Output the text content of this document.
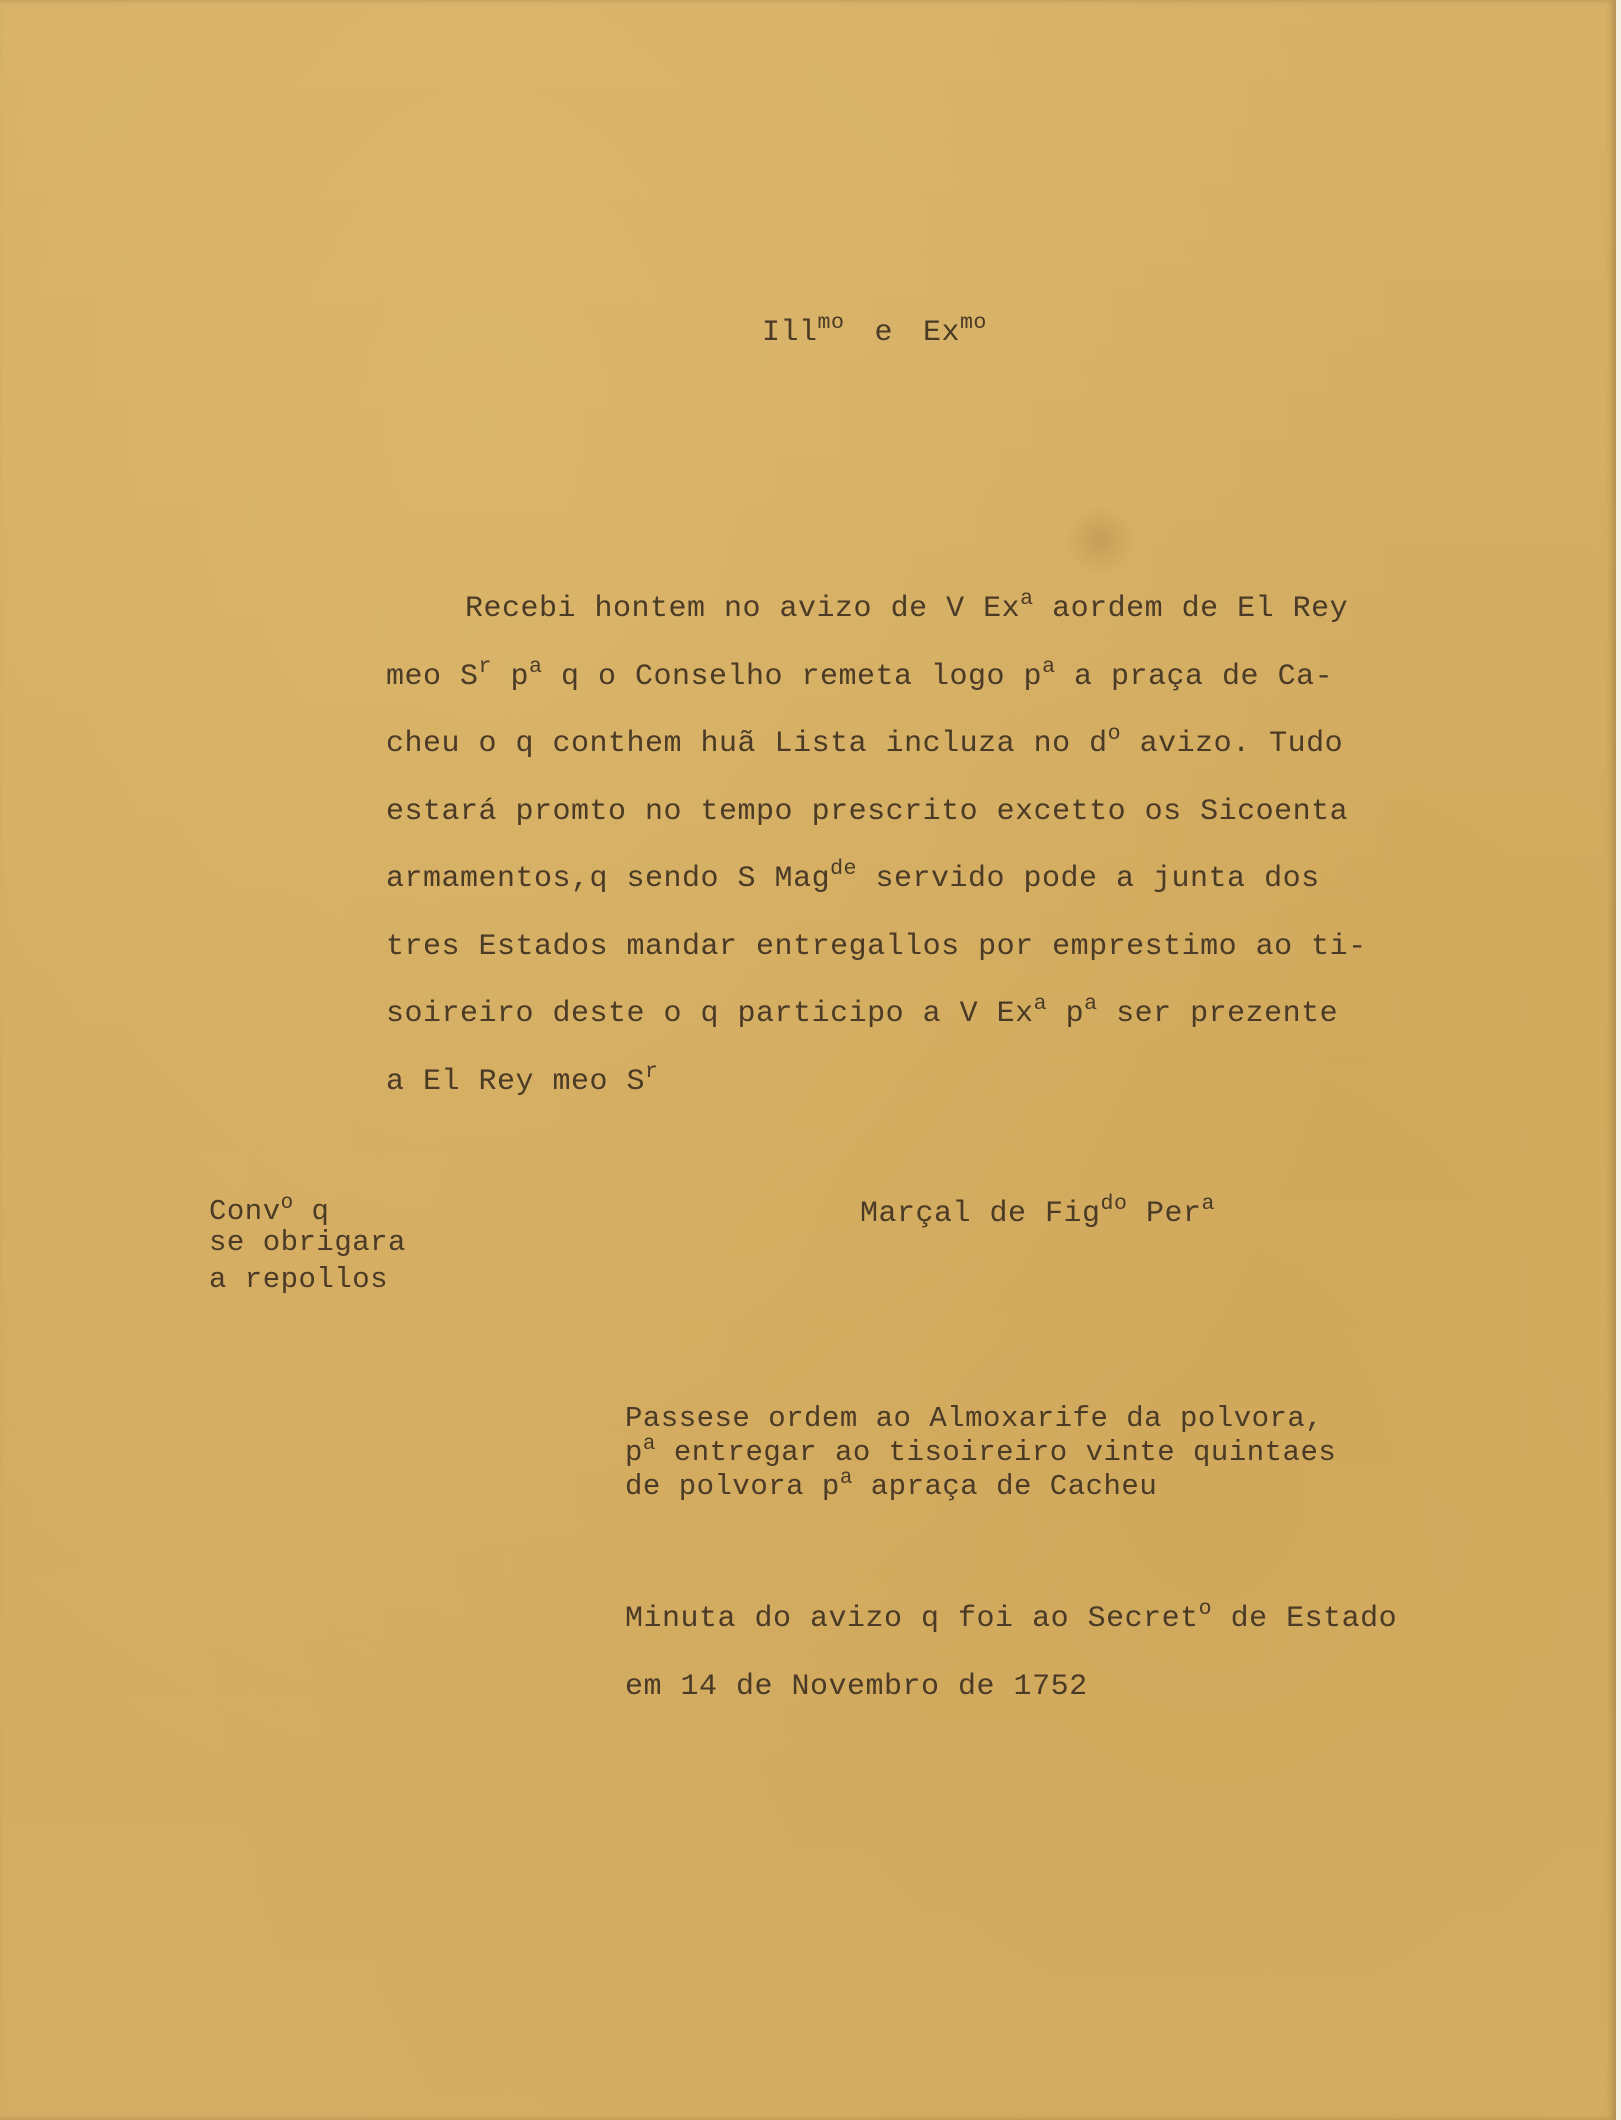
Ill$^{mo}$ e $Ex^{mo}$
Recebi hontem no avizo de V Ex$^a$ aordem de El Rey
meo $S^r$ $p^a$ q o Conselho remeta logo $p^a$ a praça de Ca-
cheu o q conthem huã Lista incluza no $d^o$ avizo. Tudo
estará promto no tempo prescrito excetto os Sicoenta
armamentos,q sendo S Mag$^{de}$ servido pode a junta dos
tres Estados mandar entregallos por emprestimo ao ti-
soireiro deste o q participo a V Ex$^a$ $p^a$ ser prezente
a El Rey meo $S^r$
Conv$^o$ q
se obrigara
a repollos
Marçal de Fig$^{do}$ Per$^a$
Passese ordem ao Almoxarife da polvora,
$p^a$ entregar ao tisoireiro vinte quintaes
de polvora $p^a$ apraça de Cacheu
Minuta do avizo q foi ao Secret$^o$ de Estado
em 14 de Novembro de 1752
